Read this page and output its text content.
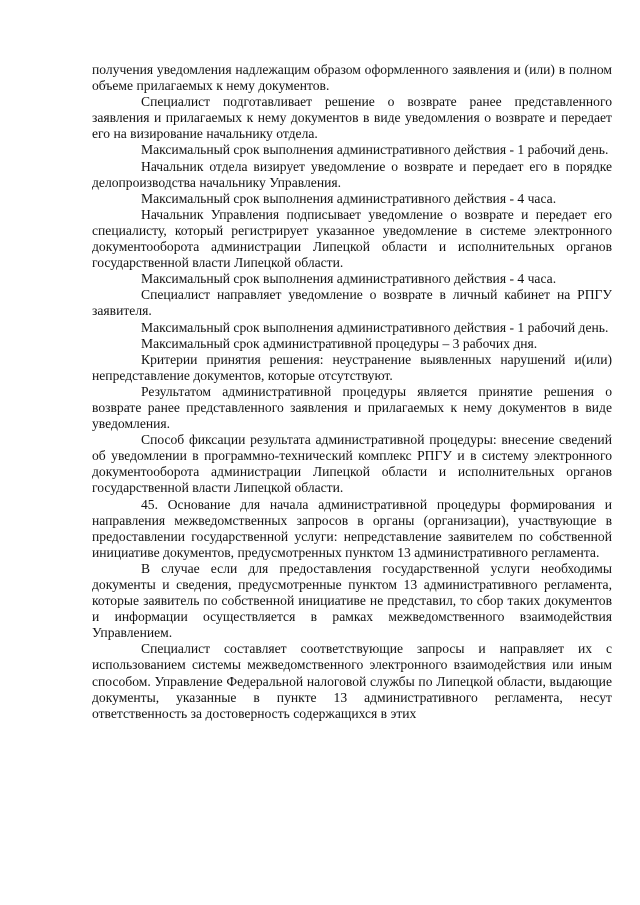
получения уведомления надлежащим образом оформленного заявления и (или) в полном объеме прилагаемых к нему документов.

Специалист подготавливает решение о возврате ранее представленного заявления и прилагаемых к нему документов в виде уведомления о возврате и передает его на визирование начальнику отдела.

Максимальный срок выполнения административного действия - 1 рабочий день.

Начальник отдела визирует уведомление о возврате и передает его в порядке делопроизводства начальнику Управления.

Максимальный срок выполнения административного действия - 4 часа.

Начальник Управления подписывает уведомление о возврате и передает его специалисту, который регистрирует указанное уведомление в системе электронного документооборота администрации Липецкой области и исполнительных органов государственной власти Липецкой области.

Максимальный срок выполнения административного действия - 4 часа.

Специалист направляет уведомление о возврате в личный кабинет на РПГУ заявителя.

Максимальный срок выполнения административного действия - 1 рабочий день.

Максимальный срок административной процедуры – 3 рабочих дня.

Критерии принятия решения: неустранение выявленных нарушений и(или) непредставление документов, которые отсутствуют.

Результатом административной процедуры является принятие решения о возврате ранее представленного заявления и прилагаемых к нему документов в виде уведомления.

Способ фиксации результата административной процедуры: внесение сведений об уведомлении в программно-технический комплекс РПГУ и в систему электронного документооборота администрации Липецкой области и исполнительных органов государственной власти Липецкой области.

45. Основание для начала административной процедуры формирования и направления межведомственных запросов в органы (организации), участвующие в предоставлении государственной услуги: непредставление заявителем по собственной инициативе документов, предусмотренных пунктом 13 административного регламента.

В случае если для предоставления государственной услуги необходимы документы и сведения, предусмотренные пунктом 13 административного регламента, которые заявитель по собственной инициативе не представил, то сбор таких документов и информации осуществляется в рамках межведомственного взаимодействия Управлением.

Специалист составляет соответствующие запросы и направляет их с использованием системы межведомственного электронного взаимодействия или иным способом. Управление Федеральной налоговой службы по Липецкой области, выдающие документы, указанные в пункте 13 административного регламента, несут ответственность за достоверность содержащихся в этих
